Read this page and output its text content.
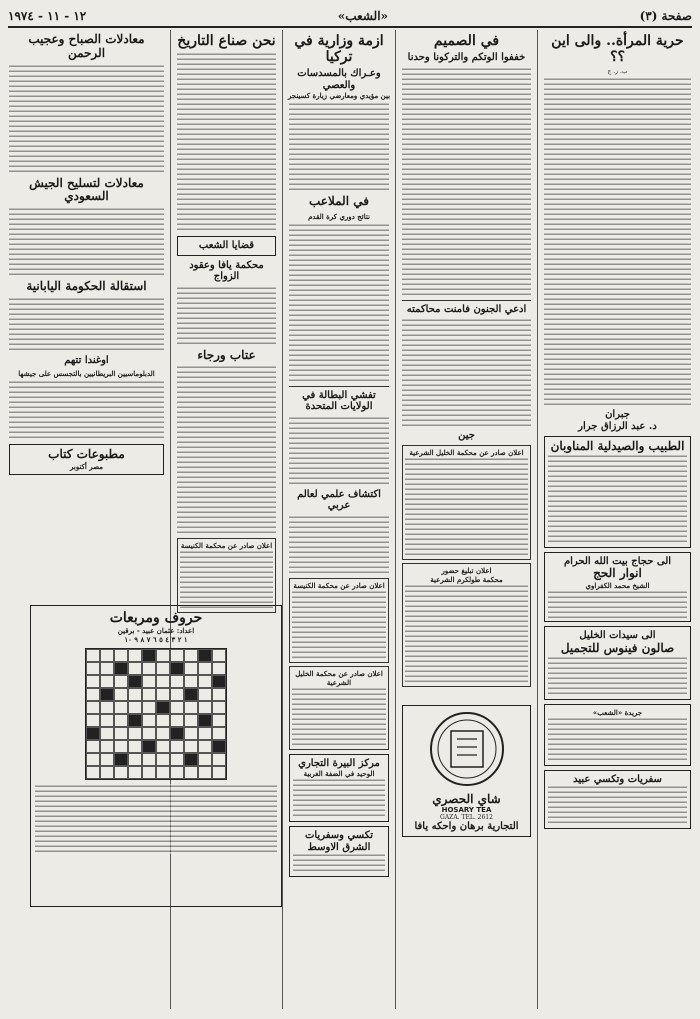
صفحة (٣)
«الشعب»
١٢ - ١١ - ١٩٧٤
حرية المرأة.. والى اين ؟؟
ب. ز. ج
جبران
د. عبد الرزاق جرار
الطبيب والصيدلية المناوبان
الى حجاج بيت الله الحرام
انوار الحج
الشيخ محمد الكفراوي
الى سيدات الخليل
صالون فينوس للتجميل
جريدة «الشعب»
سفريات وتكسي عبيد
في الصميم
خففوا الوتكم والتركونا وحدنا
ادعي الجنون فامنت محاكمته
جين
اعلان صادر عن محكمة الخليل الشرعية
اعلان تبليغ حضور
محكمة طولكرم الشرعية
شاي الحصري
HOSARY TEA
GAZA. TEL. 2612
التجارية برهان واحكه يافا
ازمة وزارية في تركيا
وعـراك بالمسدسات والعصي
بين مؤيدي ومعارضي زيارة كسينجر
في الملاعب
نتائج دوري كرة القدم
تفشي البطالة في الولايات المتحدة
اكتشاف علمي لعالم عربي
اعلان صادر عن محكمة الكنيسة
اعلان صادر عن محكمة الخليل الشرعية
مركز البيرة التجاري
الوحيد في الضفة الغربية
تكسي وسفريات الشرق الاوسط
نحن صناع التاريخ
قضايا الشعب
محكمة يافا وعقود الزواج
عتاب ورجاء
اعلان صادر عن محكمة الكنيسة
معادلات الصباح وعجيب الرحمن
معادلات لتسليح الجيش السعودي
استقالة الحكومة اليابانية
اوغندا تتهم
الدبلوماسيين البريطانيين بالتجسس على جيشها
مطبوعات كتاب
مصر أكتوبر
حروف ومربعات
اعداد: عثمان عبيد - برقين
١ ٢ ٣ ٤ ٥ ٦ ٧ ٨ ٩ ١٠
